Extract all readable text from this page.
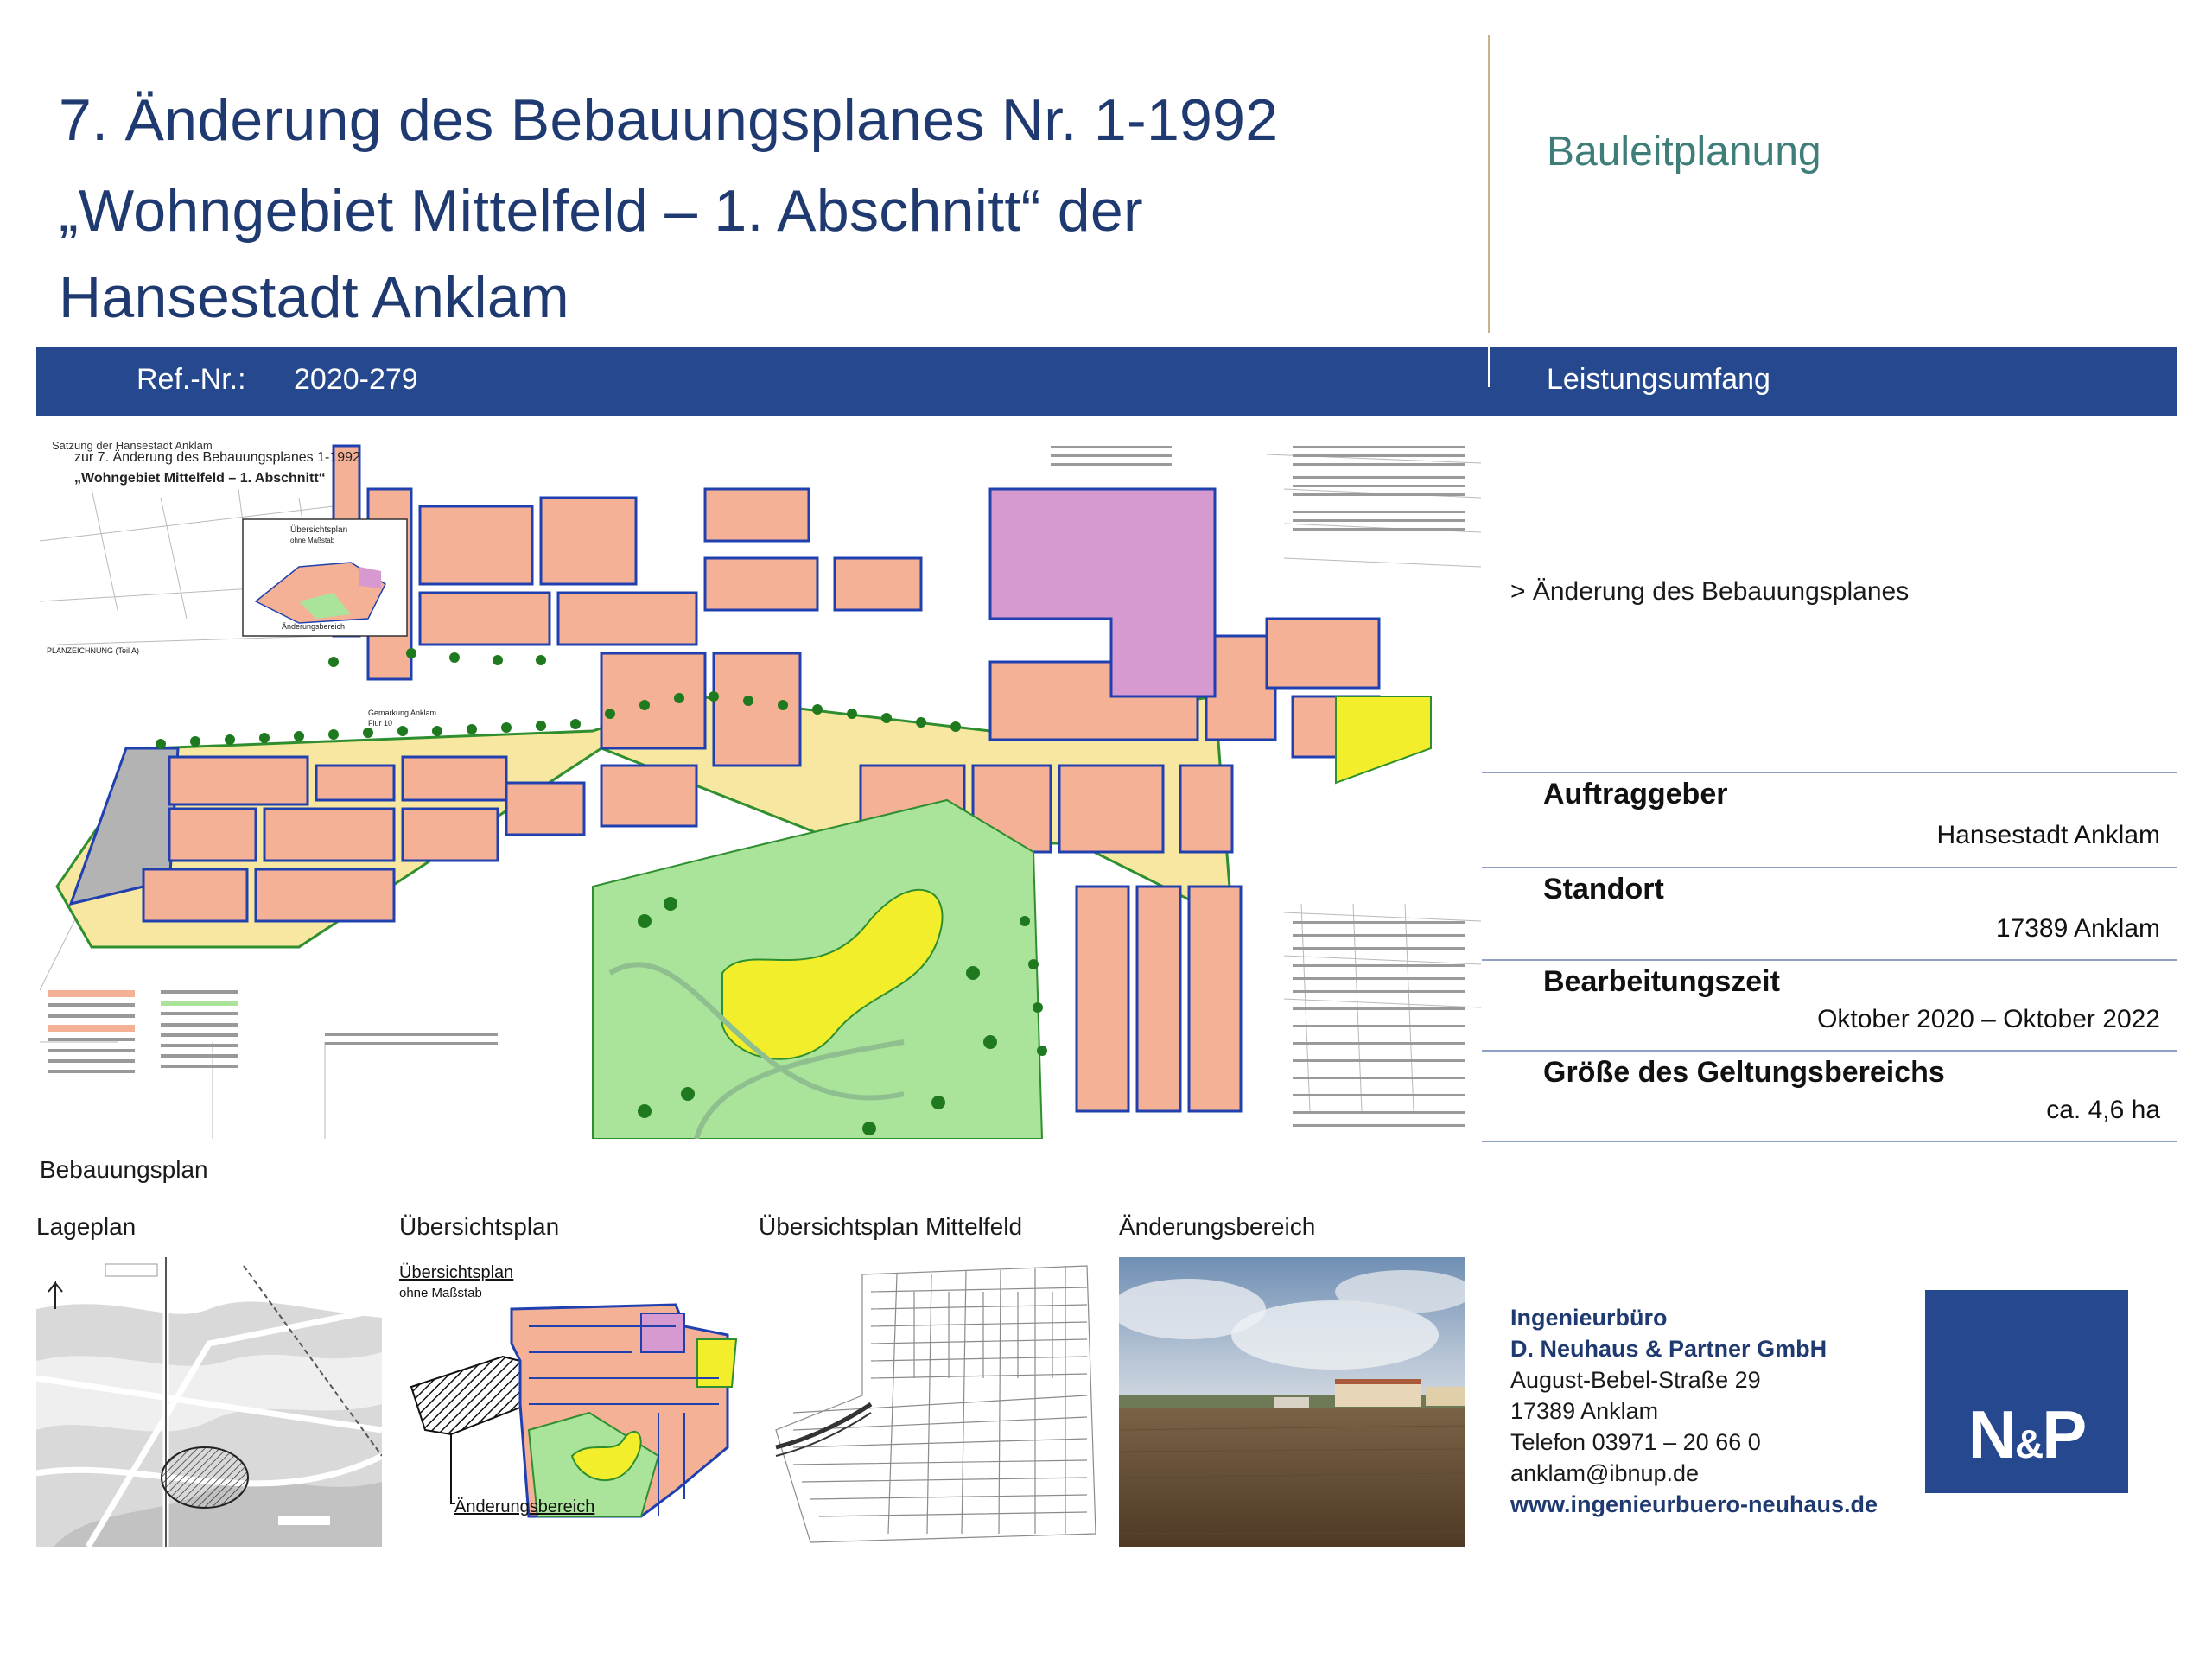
7. Änderung des Bebauungsplanes Nr. 1-1992
„Wohngebiet Mittelfeld – 1. Abschnitt“ der
Hansestadt Anklam
Bauleitplanung
Ref.-Nr.: 2020-279	Leistungsumfang
Satzung der Hansestadt Anklam
zur 7. Änderung des Bebauungsplanes 1-1992
„Wohngebiet Mittelfeld – 1. Abschnitt“
Übersichtsplan
ohne Maßstab
Änderungsbereich
PLANZEICHNUNG (Teil A)
Gemarkung Anklam
Flur 10
Bebauungsplan
> Änderung des Bebauungsplanes
Auftraggeber
Hansestadt Anklam
Standort
17389 Anklam
Bearbeitungszeit
Oktober 2020 – Oktober 2022
Größe des Geltungsbereichs
ca. 4,6 ha
Lageplan	Übersichtsplan	Übersichtsplan Mittelfeld	Änderungsbereich
Übersichtsplan
ohne Maßstab
Änderungsbereich
Ingenieurbüro
D. Neuhaus & Partner GmbH
August-Bebel-Straße 29
17389 Anklam
Telefon 03971 – 20 66 0
anklam@ibnup.de
www.ingenieurbuero-neuhaus.de
N&P
